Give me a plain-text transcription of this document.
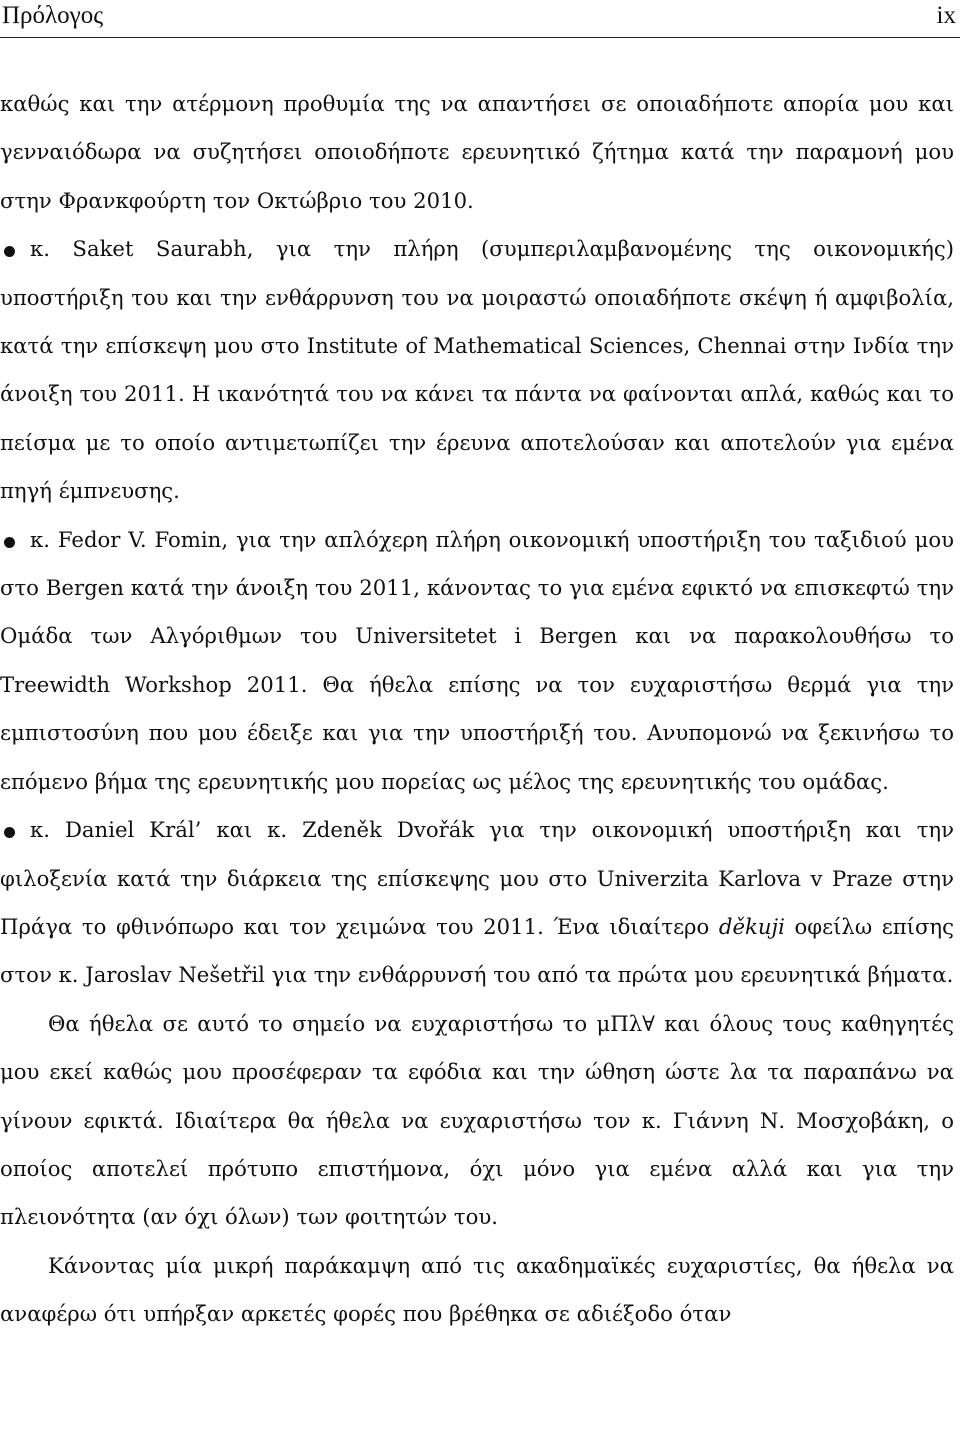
Πρόλογος	ix

καθώς και την ατέρμονη προθυμία της να απαντήσει σε οποιαδήποτε απορία μου και γενναιόδωρα να συζητήσει οποιοδήποτε ερευνητικό ζήτημα κατά την παραμονή μου στην Φρανκφούρτη τον Οκτώβριο του 2010.

κ. Saket Saurabh, για την πλήρη (συμπεριλαμβανομένης της οικονομικής) υποστήριξη του και την ενθάρρυνση του να μοιραστώ οποιαδήποτε σκέψη ή αμφιβολία, κατά την επίσκεψη μου στο Institute of Mathematical Sciences, Chennai στην Ινδία την άνοιξη του 2011. Η ικανότητά του να κάνει τα πάντα να φαίνονται απλά, καθώς και το πείσμα με το οποίο αντιμετωπίζει την έρευνα αποτελούσαν και αποτελούν για εμένα πηγή έμπνευσης.
κ. Fedor V. Fomin, για την απλόχερη πλήρη οικονομική υποστήριξη του ταξιδιού μου στο Bergen κατά την άνοιξη του 2011, κάνοντας το για εμένα εφικτό να επισκεφτώ την Ομάδα των Αλγόριθμων του Universitetet i Bergen και να παρακολουθήσω το Treewidth Workshop 2011. Θα ήθελα επίσης να τον ευχαριστήσω θερμά για την εμπιστοσύνη που μου έδειξε και για την υποστήριξή του. Ανυπομονώ να ξεκινήσω το επόμενο βήμα της ερευνητικής μου πορείας ως μέλος της ερευνητικής του ομάδας.
κ. Daniel Král’ και κ. Zdeněk Dvořák για την οικονομική υποστήριξη και την φιλοξενία κατά την διάρκεια της επίσκεψης μου στο Univerzita Karlova v Praze στην Πράγα το φθινόπωρο και τον χειμώνα του 2011. Ένα ιδιαίτερο děkuji οφείλω επίσης στον κ. Jaroslav Nešetřil για την ενθάρρυνσή του από τα πρώτα μου ερευνητικά βήματα.

Θα ήθελα σε αυτό το σημείο να ευχαριστήσω το μΠλ∀ και όλους τους καθηγητές μου εκεί καθώς μου προσέφεραν τα εφόδια και την ώθηση ώστε λα τα παραπάνω να γίνουν εφικτά. Ιδιαίτερα θα ήθελα να ευχαριστήσω τον κ. Γιάννη Ν. Μοσχοβάκη, ο οποίος αποτελεί πρότυπο επιστήμονα, όχι μόνο για εμένα αλλά και για την πλειονότητα (αν όχι όλων) των φοιτητών του.

Κάνοντας μία μικρή παράκαμψη από τις ακαδημαϊκές ευχαριστίες, θα ήθελα να αναφέρω ότι υπήρξαν αρκετές φορές που βρέθηκα σε αδιέξοδο όταν
